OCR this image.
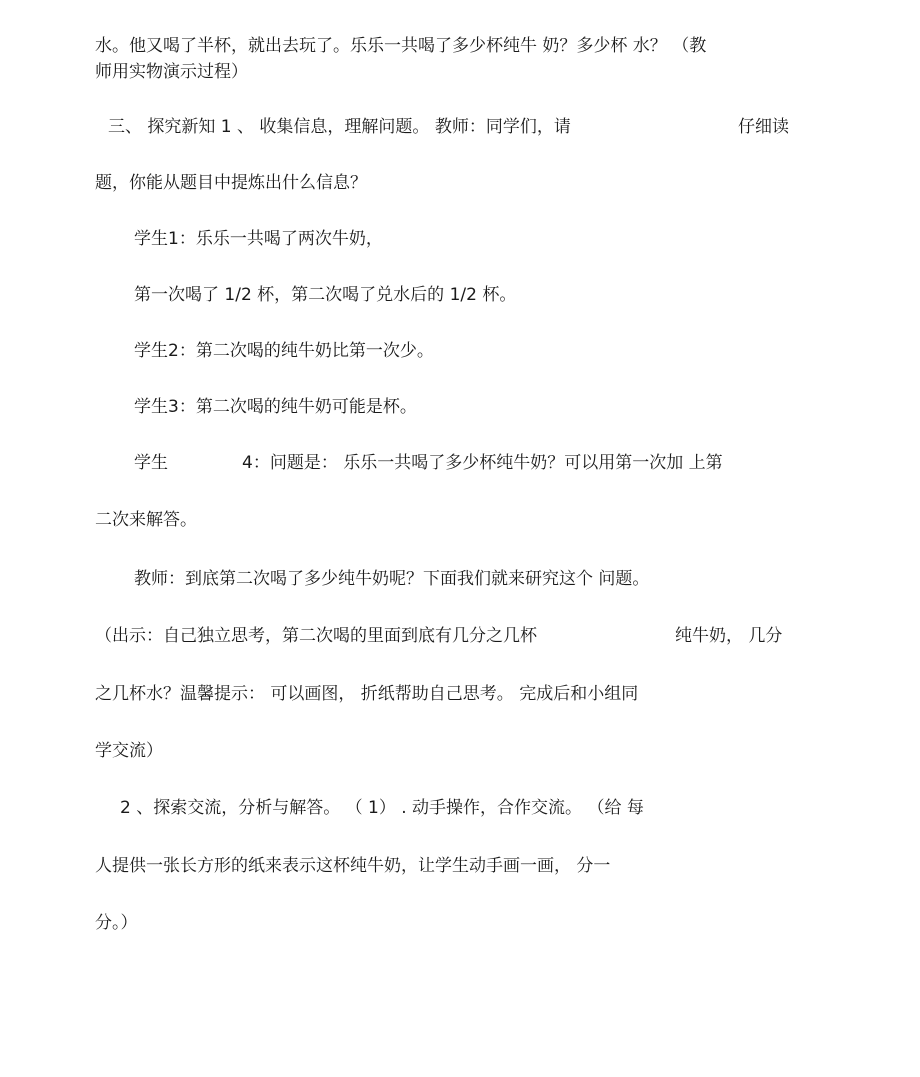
水。他又喝了半杯，就出去玩了。乐乐一共喝了多少杯纯牛 奶？多少杯 水？ （教
师用实物演示过程）
三、 探究新知 1 、 收集信息，理解问题。 教师：同学们，请	仔细读
题，你能从题目中提炼出什么信息？
学生1：乐乐一共喝了两次牛奶，
第一次喝了 1/2 杯，第二次喝了兑水后的 1/2 杯。
学生2：第二次喝的纯牛奶比第一次少。
学生3：第二次喝的纯牛奶可能是杯。
学生	4：问题是： 乐乐一共喝了多少杯纯牛奶？可以用第一次加 上第
二次来解答。
教师：到底第二次喝了多少纯牛奶呢？下面我们就来研究这个 问题。
（出示：自己独立思考，第二次喝的里面到底有几分之几杯	纯牛奶， 几分
之几杯水？温馨提示： 可以画图， 折纸帮助自己思考。 完成后和小组同
学交流）
2 、探索交流，分析与解答。 （ 1） . 动手操作，合作交流。 （给 每
人提供一张长方形的纸来表示这杯纯牛奶，让学生动手画一画， 分一
分。）
